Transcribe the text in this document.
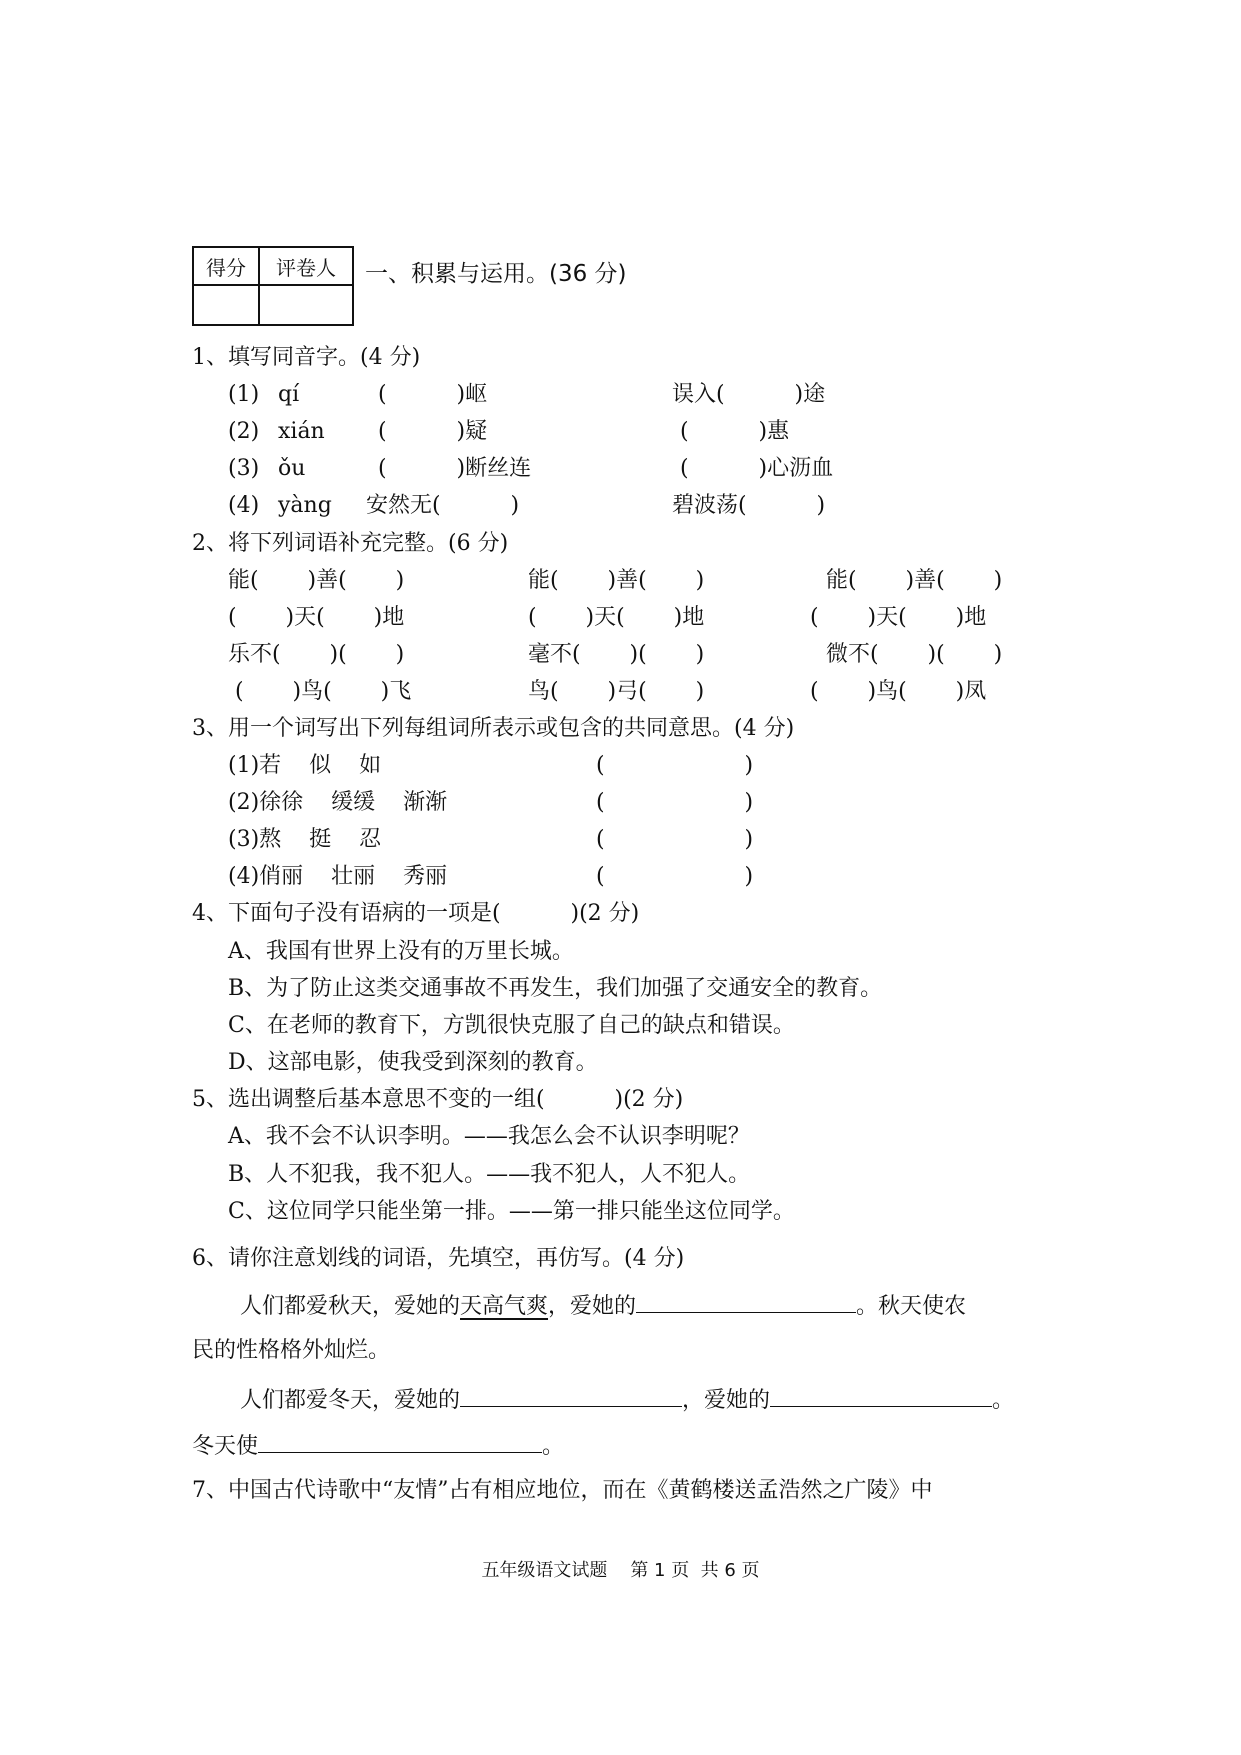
得分	评卷人
	一、积累与运用。(36 分)
1、填写同音字。(4 分)
(1) qí	(          )岖	误入(          )途
(2) xián (          )疑	(          )惠
(3) ǒu	(          )断丝连	(          )心沥血
(4) yàng 安然无(          )	碧波荡(          )
2、将下列词语补充完整。(6 分)
能(       )善(       )	能(       )善(       )	能(       )善(       )
(       )天(       )地	(       )天(       )地	(       )天(       )地
乐不(       )(       )	毫不(       )(       )	微不(       )(       )
(       )鸟(       )飞	鸟(       )弓(       )	(       )鸟(       )凤
3、用一个词写出下列每组词所表示或包含的共同意思。(4 分)
(1)若    似    如	(                    )
(2)徐徐    缓缓    渐渐	(                    )
(3)熬    挺    忍	(                    )
(4)俏丽    壮丽    秀丽	(                    )
4、下面句子没有语病的一项是(          )(2 分)
A、我国有世界上没有的万里长城。
B、为了防止这类交通事故不再发生，我们加强了交通安全的教育。
C、在老师的教育下，方凯很快克服了自己的缺点和错误。
D、这部电影，使我受到深刻的教育。
5、选出调整后基本意思不变的一组(          )(2 分)
A、我不会不认识李明。——我怎么会不认识李明呢？
B、人不犯我，我不犯人。——我不犯人，人不犯人。
C、这位同学只能坐第一排。——第一排只能坐这位同学。
6、请你注意划线的词语，先填空，再仿写。(4 分)
人们都爱秋天，爱她的天高气爽，爱她的	。秋天使农
民的性格格外灿烂。
人们都爱冬天，爱她的	，爱她的	。
冬天使	。
7、中国古代诗歌中“友情”占有相应地位，而在《黄鹤楼送孟浩然之广陵》中
五年级语文试题    第 1 页  共 6 页
